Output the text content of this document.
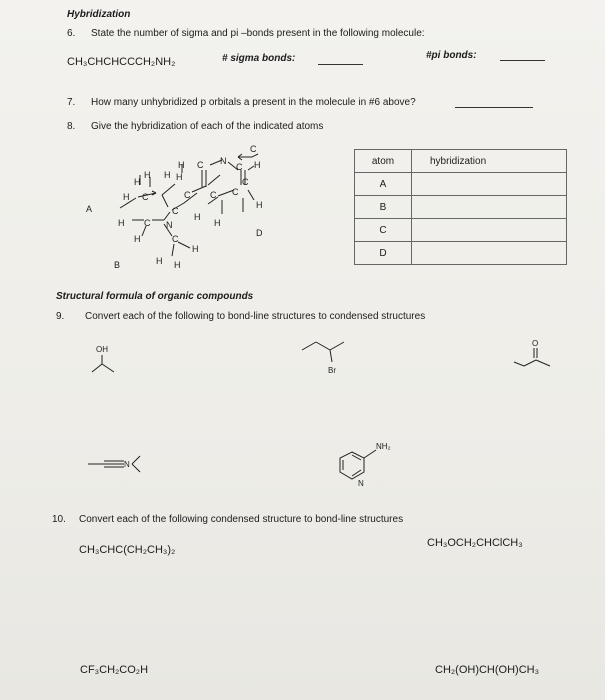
Hybridization
6. State the number of sigma and pi –bonds present in the following molecule:
CH₃CHCHCCCH₂NH₂	# sigma bonds:	#pi bonds:
7. How many unhybridized p orbitals a present in the molecule in #6 above?
8. Give the hybridization of each of the indicated atoms
A
B
D
C
H
H H
H
H
H C
H C N
H
C
C
H
C
C
H
N
C
C
C
H
H
C
H
H H
atom	hybridization
A	
B	
C	
D	
Structural formula of organic compounds
9. Convert each of the following to bond-line structures to condensed structures
OH
Br
O
N
NH₂
N
10. Convert each of the following condensed structure to bond-line structures
CH₃CHC(CH₂CH₃)₂
CH₃OCH₂CHClCH₃
CF₃CH₂CO₂H	CH₂(OH)CH(OH)CH₃
